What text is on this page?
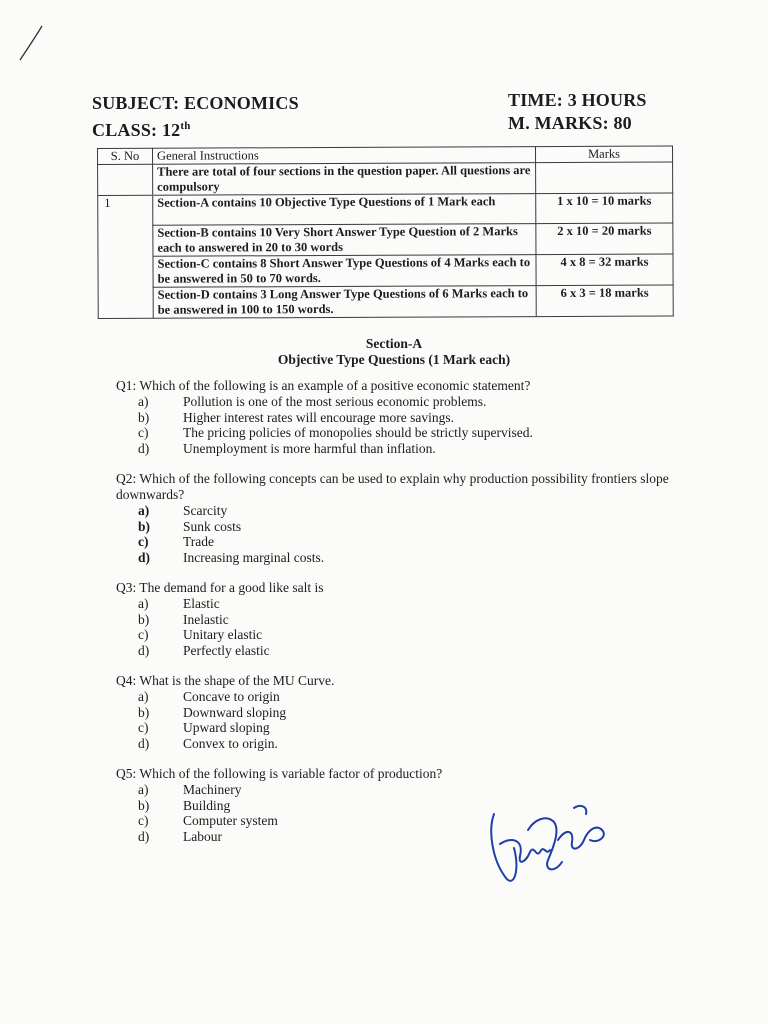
SUBJECT: ECONOMICS
CLASS: 12th
TIME: 3 HOURS
M. MARKS: 80
S. No	General Instructions	Marks
	There are total of four sections in the question paper. All questions are compulsory	
1	Section-A contains 10 Objective Type Questions of 1 Mark each	1 x 10 = 10 marks
	Section-B contains 10 Very Short Answer Type Question of 2 Marks each to answered in 20 to 30 words	2 x 10 = 20 marks
	Section-C contains 8 Short Answer Type Questions of 4 Marks each to be answered in 50 to 70 words.	4 x 8 = 32 marks
	Section-D contains 3 Long Answer Type Questions of 6 Marks each to be answered in 100 to 150 words.	6 x 3 = 18 marks
Section-A
Objective Type Questions (1 Mark each)
Q1: Which of the following is an example of a positive economic statement?
a)	Pollution is one of the most serious economic problems.
b)	Higher interest rates will encourage more savings.
c)	The pricing policies of monopolies should be strictly supervised.
d)	Unemployment is more harmful than inflation.
Q2: Which of the following concepts can be used to explain why production possibility frontiers slope downwards?
a)	Scarcity
b)	Sunk costs
c)	Trade
d)	Increasing marginal costs.
Q3: The demand for a good like salt is
a)	Elastic
b)	Inelastic
c)	Unitary elastic
d)	Perfectly elastic
Q4: What is the shape of the MU Curve.
a)	Concave to origin
b)	Downward sloping
c)	Upward sloping
d)	Convex to origin.
Q5: Which of the following is variable factor of production?
a)	Machinery
b)	Building
c)	Computer system
d)	Labour
